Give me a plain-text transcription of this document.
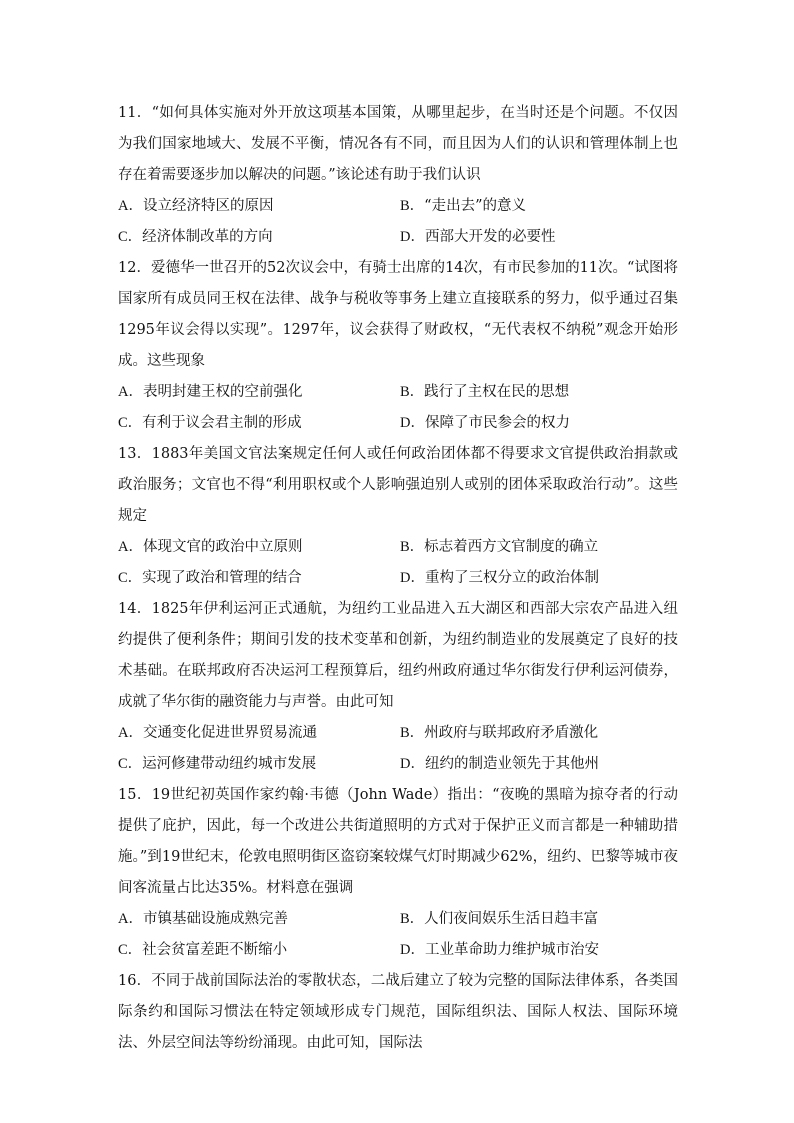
11．“如何具体实施对外开放这项基本国策，从哪里起步，在当时还是个问题。不仅因为我们国家地域大、发展不平衡，情况各有不同，而且因为人们的认识和管理体制上也存在着需要逐步加以解决的问题。”该论述有助于我们认识

A．设立经济特区的原因	B．“走出去”的意义
C．经济体制改革的方向	D．西部大开发的必要性

12．爱德华一世召开的52次议会中，有骑士出席的14次，有市民参加的11次。“试图将国家所有成员同王权在法律、战争与税收等事务上建立直接联系的努力，似乎通过召集1295年议会得以实现”。1297年，议会获得了财政权，“无代表权不纳税”观念开始形成。这些现象

A．表明封建王权的空前强化	B．践行了主权在民的思想
C．有利于议会君主制的形成	D．保障了市民参会的权力

13．1883年美国文官法案规定任何人或任何政治团体都不得要求文官提供政治捐款或政治服务；文官也不得“利用职权或个人影响强迫别人或别的团体采取政治行动”。这些规定

A．体现文官的政治中立原则	B．标志着西方文官制度的确立
C．实现了政治和管理的结合	D．重构了三权分立的政治体制

14．1825年伊利运河正式通航，为纽约工业品进入五大湖区和西部大宗农产品进入纽约提供了便利条件；期间引发的技术变革和创新，为纽约制造业的发展奠定了良好的技术基础。在联邦政府否决运河工程预算后，纽约州政府通过华尔街发行伊利运河债券，成就了华尔街的融资能力与声誉。由此可知

A．交通变化促进世界贸易流通	B．州政府与联邦政府矛盾激化
C．运河修建带动纽约城市发展	D．纽约的制造业领先于其他州

15．19世纪初英国作家约翰·韦德（John Wade）指出：“夜晚的黑暗为掠夺者的行动提供了庇护，因此，每一个改进公共街道照明的方式对于保护正义而言都是一种辅助措施。”到19世纪末，伦敦电照明街区盗窃案较煤气灯时期减少62%，纽约、巴黎等城市夜间客流量占比达35%。材料意在强调

A．市镇基础设施成熟完善	B．人们夜间娱乐生活日趋丰富
C．社会贫富差距不断缩小	D．工业革命助力维护城市治安

16．不同于战前国际法治的零散状态，二战后建立了较为完整的国际法律体系，各类国际条约和国际习惯法在特定领域形成专门规范，国际组织法、国际人权法、国际环境法、外层空间法等纷纷涌现。由此可知，国际法
